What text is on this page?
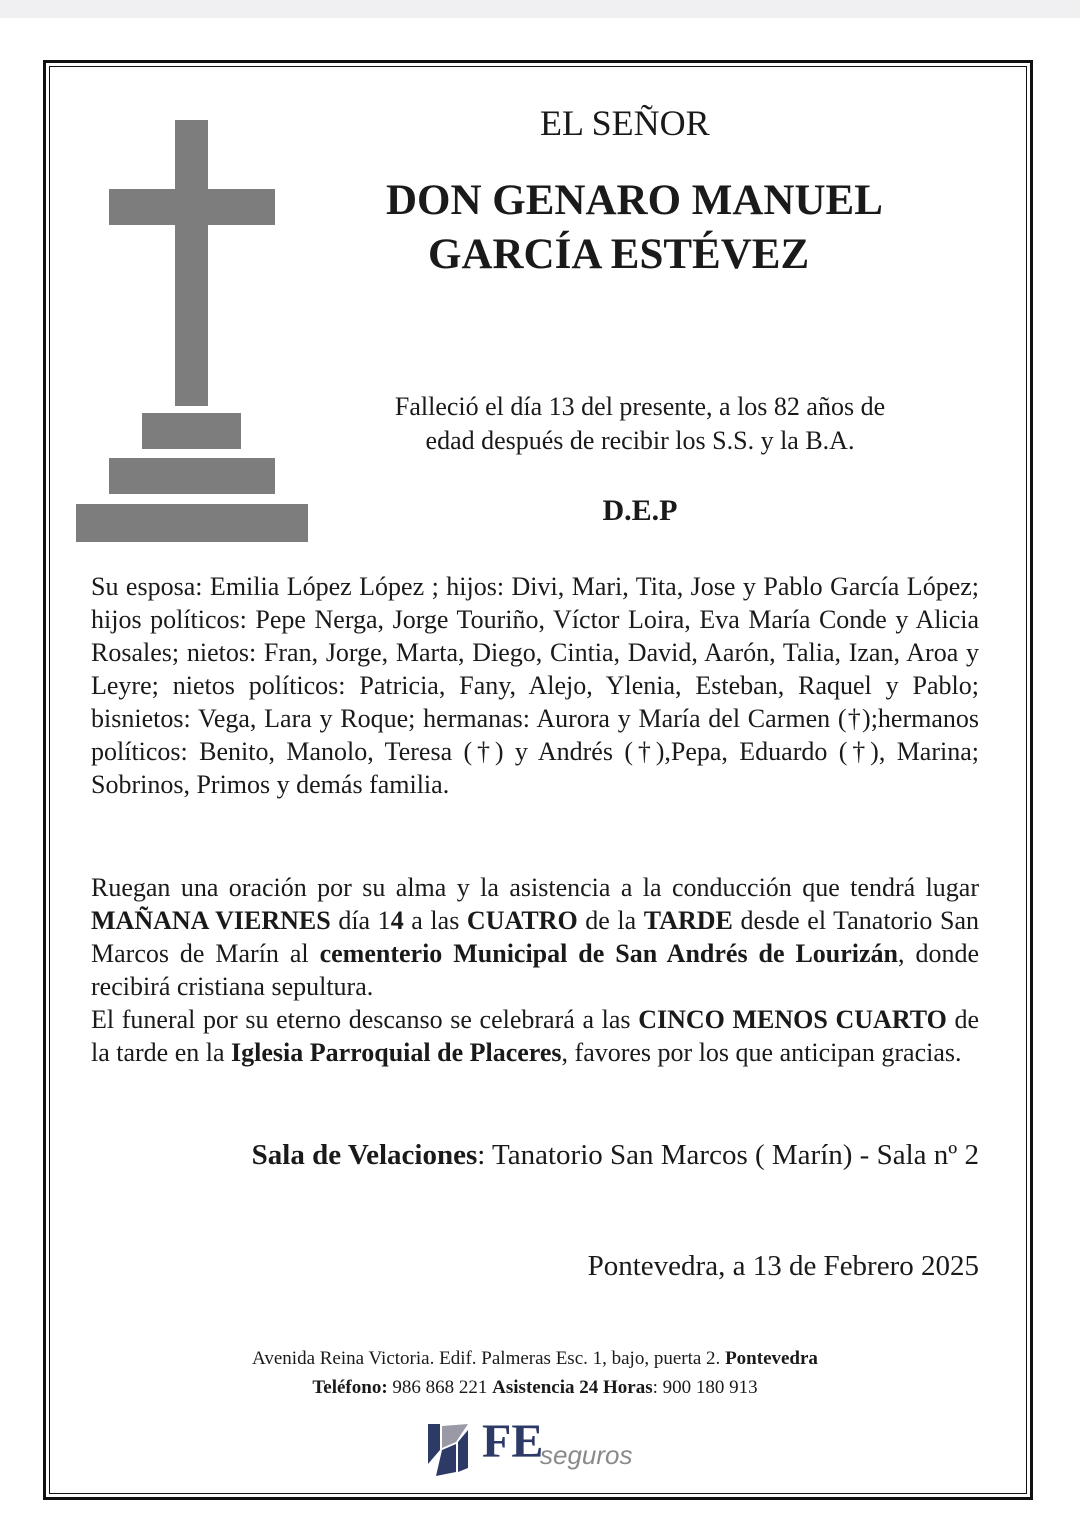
EL SEÑOR
DON GENARO MANUEL
GARCÍA ESTÉVEZ
Falleció el día 13 del presente, a los 82 años de
edad después de recibir los S.S. y la B.A.
D.E.P
Su esposa: Emilia López López ; hijos: Divi, Mari, Tita, Jose y Pablo García López; hijos políticos: Pepe Nerga, Jorge Touriño, Víctor Loira, Eva María Conde y Alicia Rosales; nietos: Fran, Jorge, Marta, Diego, Cintia, David, Aarón, Talia, Izan, Aroa y Leyre; nietos políticos: Patricia, Fany, Alejo, Ylenia, Esteban, Raquel y Pablo; bisnietos: Vega, Lara y Roque; hermanas: Aurora y María del Carmen (†);hermanos políticos: Benito, Manolo, Teresa (†) y Andrés (†),Pepa, Eduardo (†), Marina; Sobrinos, Primos y demás familia.
Ruegan una oración por su alma y la asistencia a la conducción que tendrá lugar MAÑANA VIERNES día 14 a las CUATRO de la TARDE desde el Tanatorio San Marcos de Marín al cementerio Municipal de San Andrés de Lourizán, donde recibirá cristiana sepultura.
El funeral por su eterno descanso se celebrará a las CINCO MENOS CUARTO de la tarde en la Iglesia Parroquial de Placeres, favores por los que anticipan gracias.
Sala de Velaciones: Tanatorio San Marcos ( Marín) - Sala nº 2
Pontevedra, a 13 de Febrero 2025
Avenida Reina Victoria. Edif. Palmeras Esc. 1, bajo, puerta 2. Pontevedra
Teléfono: 986 868 221 Asistencia 24 Horas: 900 180 913
FE
seguros
